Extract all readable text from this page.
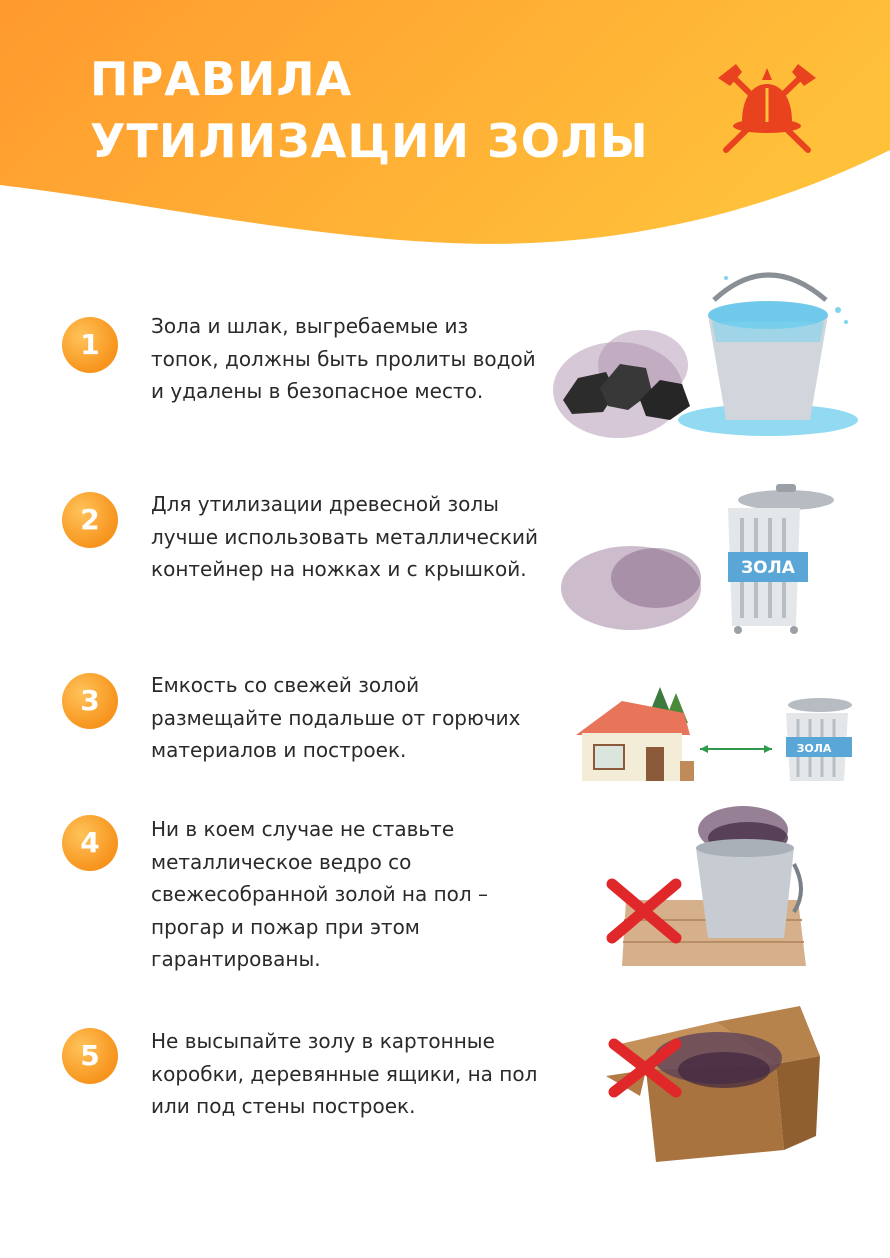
ПРАВИЛА
УТИЛИЗАЦИИ ЗОЛЫ
1

Зола и шлак, выгребаемые из топок, должны быть пролиты водой и удалены в безопасное место.

2	Для утилизации древесной золы лучше использовать металлический контейнер на ножках и с крышкой.	ЗОЛА
3	Емкость со свежей золой размещайте подальше от горючих материалов и построек.	ЗОЛА
4	Ни в коем случае не ставьте металлическое ведро со свежесобранной золой на пол – прогар и пожар при этом гарантированы.

5	Не высыпайте золу в картонные коробки, деревянные ящики, на пол или под стены построек.
